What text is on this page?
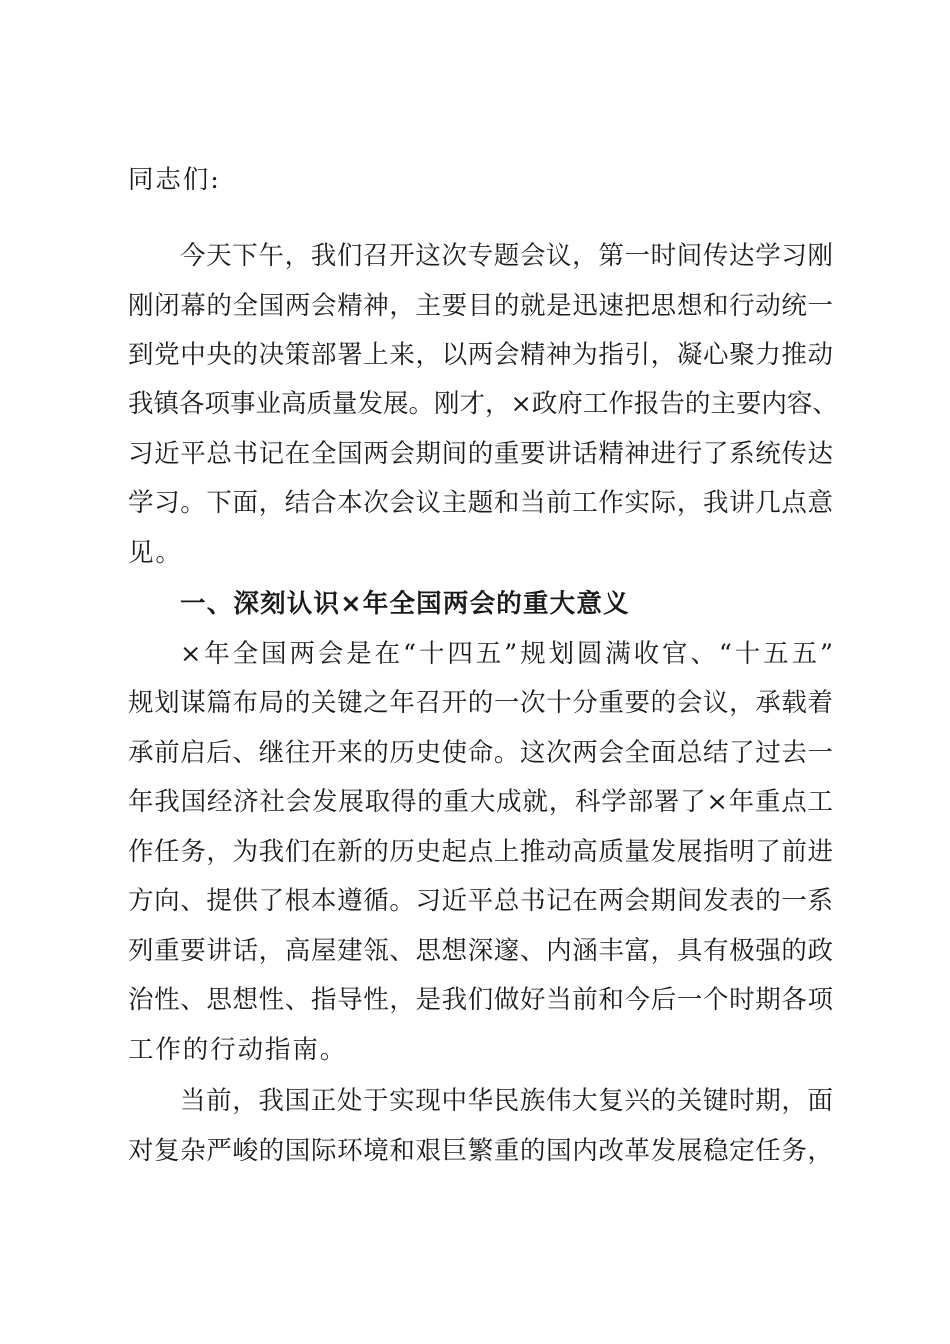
同志们:
今天下午，我们召开这次专题会议，第一时间传达学习刚
刚闭幕的全国两会精神，主要目的就是迅速把思想和行动统一
到党中央的决策部署上来，以两会精神为指引，凝心聚力推动
我镇各项事业高质量发展。刚才，×政府工作报告的主要内容、
习近平总书记在全国两会期间的重要讲话精神进行了系统传达
学习。下面，结合本次会议主题和当前工作实际，我讲几点意
见。
一、深刻认识×年全国两会的重大意义
×年全国两会是在“十四五”规划圆满收官、“十五五”
规划谋篇布局的关键之年召开的一次十分重要的会议，承载着
承前启后、继往开来的历史使命。这次两会全面总结了过去一
年我国经济社会发展取得的重大成就，科学部署了×年重点工
作任务，为我们在新的历史起点上推动高质量发展指明了前进
方向、提供了根本遵循。习近平总书记在两会期间发表的一系
列重要讲话，高屋建瓴、思想深邃、内涵丰富，具有极强的政
治性、思想性、指导性，是我们做好当前和今后一个时期各项
工作的行动指南。
当前，我国正处于实现中华民族伟大复兴的关键时期，面
对复杂严峻的国际环境和艰巨繁重的国内改革发展稳定任务，
